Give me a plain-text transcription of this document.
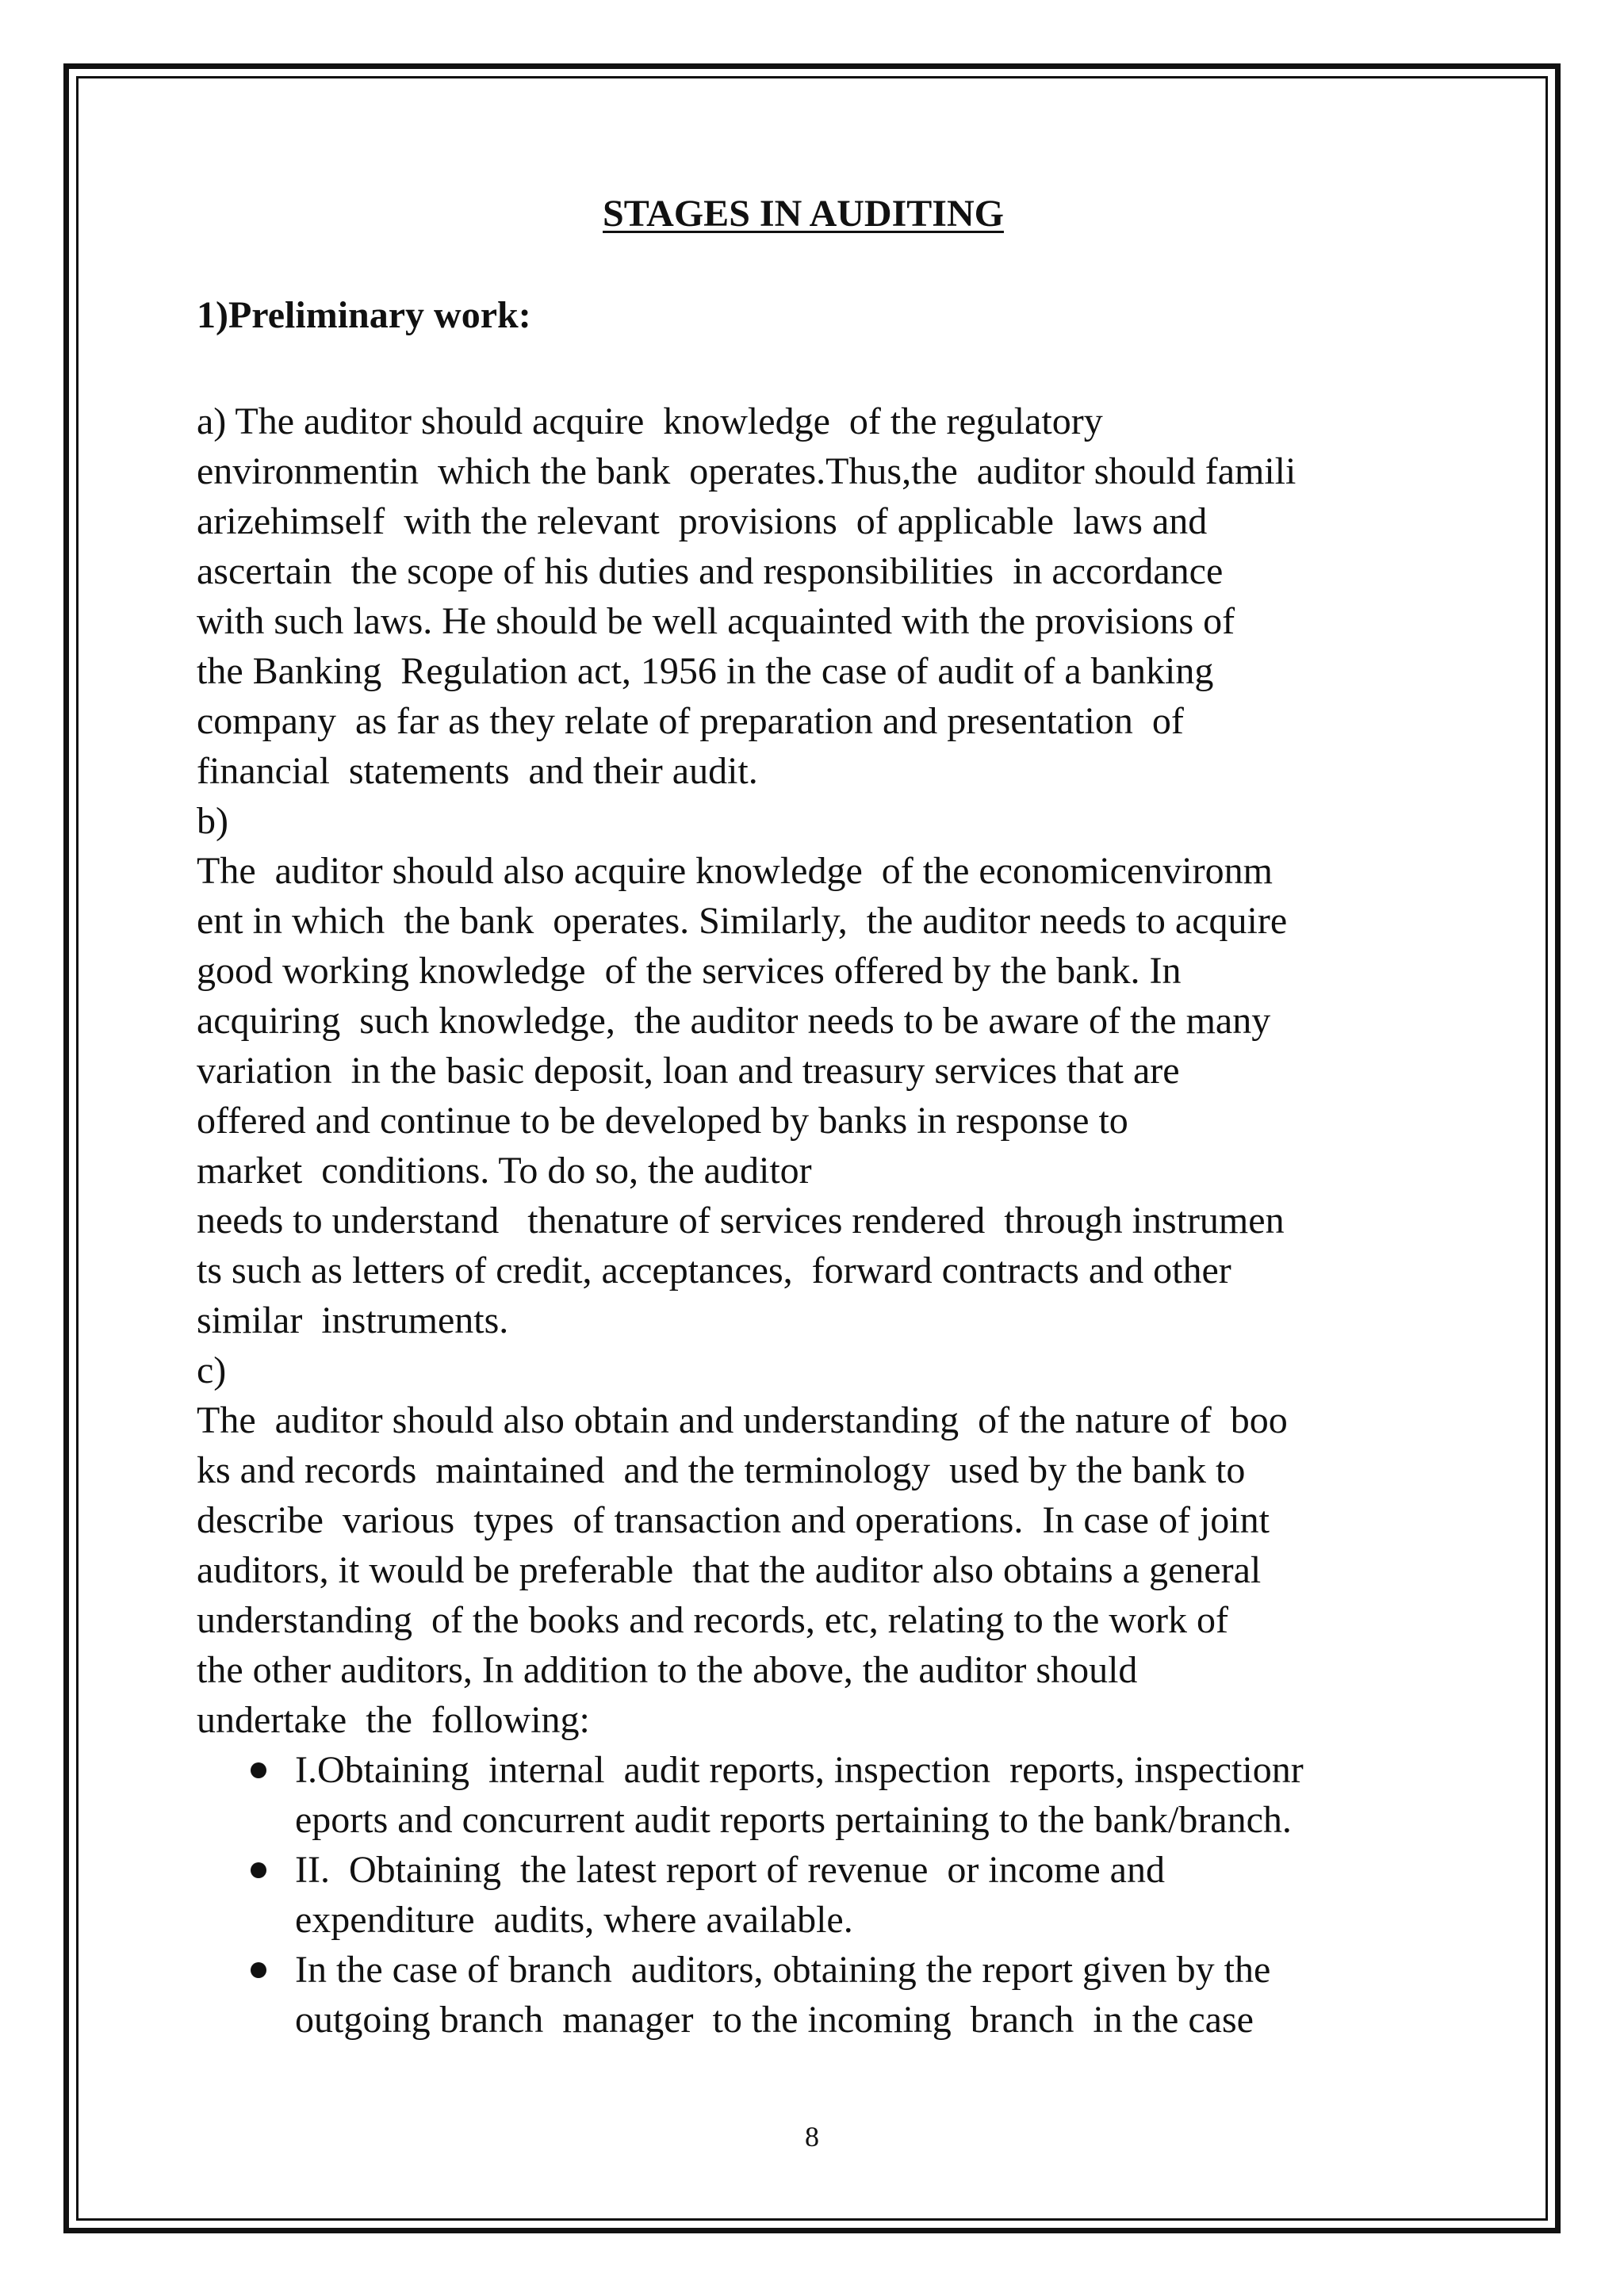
STAGES IN AUDITING
1)Preliminary work:
a) The auditor should acquire  knowledge  of the regulatory
environmentin  which the bank  operates.Thus,the  auditor should famili
arizehimself  with the relevant  provisions  of applicable  laws and
ascertain  the scope of his duties and responsibilities  in accordance
with such laws. He should be well acquainted with the provisions of
the Banking  Regulation act, 1956 in the case of audit of a banking
company  as far as they relate of preparation and presentation  of
financial  statements  and their audit.
b)
The  auditor should also acquire knowledge  of the economicenvironm
ent in which  the bank  operates. Similarly,  the auditor needs to acquire
good working knowledge  of the services offered by the bank. In
acquiring  such knowledge,  the auditor needs to be aware of the many
variation  in the basic deposit, loan and treasury services that are
offered and continue to be developed by banks in response to
market  conditions. To do so, the auditor
needs to understand   thenature of services rendered  through instrumen
ts such as letters of credit, acceptances,  forward contracts and other
similar  instruments.
c)
The  auditor should also obtain and understanding  of the nature of  boo
ks and records  maintained  and the terminology  used by the bank to
describe  various  types  of transaction and operations.  In case of joint
auditors, it would be preferable  that the auditor also obtains a general
understanding  of the books and records, etc, relating to the work of
the other auditors, In addition to the above, the auditor should
undertake  the  following:
I.Obtaining  internal  audit reports, inspection  reports, inspectionr
eports and concurrent audit reports pertaining to the bank/branch.
II.  Obtaining  the latest report of revenue  or income and
expenditure  audits, where available.
In the case of branch  auditors, obtaining the report given by the
outgoing branch  manager  to the incoming  branch  in the case
8
